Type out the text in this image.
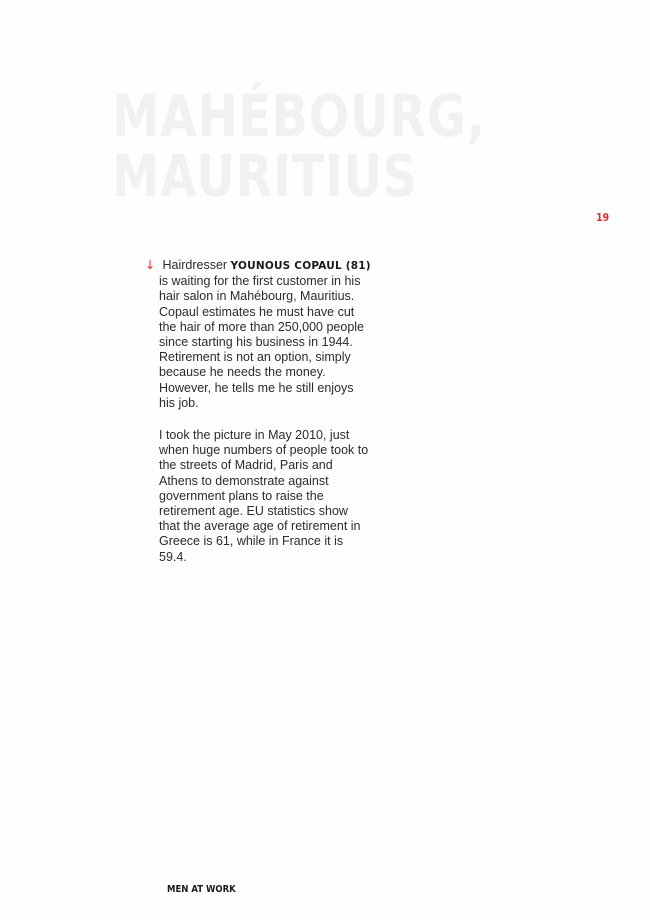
MAHÉBOURG,
MAURITIUS
19

↓ Hairdresser YOUNOUS COPAUL (81) is waiting for the first customer in his hair salon in Mahébourg, Mauritius. Copaul estimates he must have cut the hair of more than 250,000 people since starting his business in 1944. Retirement is not an option, simply because he needs the money. However, he tells me he still enjoys his job.

I took the picture in May 2010, just when huge numbers of people took to the streets of Madrid, Paris and Athens to demonstrate against government plans to raise the retirement age. EU statistics show that the average age of retirement in Greece is 61, while in France it is 59.4.

MEN AT WORK
